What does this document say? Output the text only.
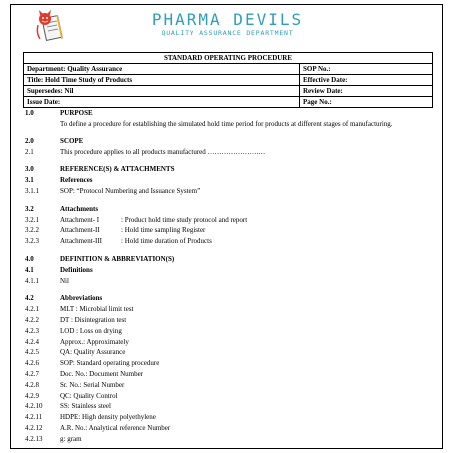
PHARMA DEVILS
QUALITY ASSURANCE DEPARTMENT
STANDARD OPERATING PROCEDURE	
Department: Quality Assurance	SOP No.:
Title: Hold Time Study of Products	Effective Date:
Supersedes: Nil	Review Date:
Issue Date:	Page No.:
1.0	PURPOSE
To define a procedure for establishing the simulated hold time period for products at different stages of manufacturing.
2.0	SCOPE
2.1	This procedure applies to all products manufactured ………………….…
3.0	REFERENCE(S) & ATTACHMENTS
3.1	References
3.1.1	SOP: “Protocol Numbering and Issuance System”
3.2	Attachments
3.2.1	Attachment- I	: Product hold time study protocol and report
3.2.2	Attachment-II	: Hold time sampling Register
3.2.3	Attachment-III	: Hold time duration of Products
4.0	DEFINITION & ABBREVIATION(S)
4.1	Definitions
4.1.1	Nil
4.2	Abbreviations
4.2.1	MLT : Microbial limit test
4.2.2	DT : Disintegration test
4.2.3	LOD : Loss on drying
4.2.4	Approx.: Approximately
4.2.5	QA: Quality Assurance
4.2.6	SOP: Standard operating procedure
4.2.7	Doc. No.: Document Number
4.2.8	Sr. No.: Serial Number
4.2.9	QC: Quality Control
4.2.10	SS: Stainless steel
4.2.11	HDPE: High density polyethylene
4.2.12	A.R. No.: Analytical reference Number
4.2.13	g: gram
